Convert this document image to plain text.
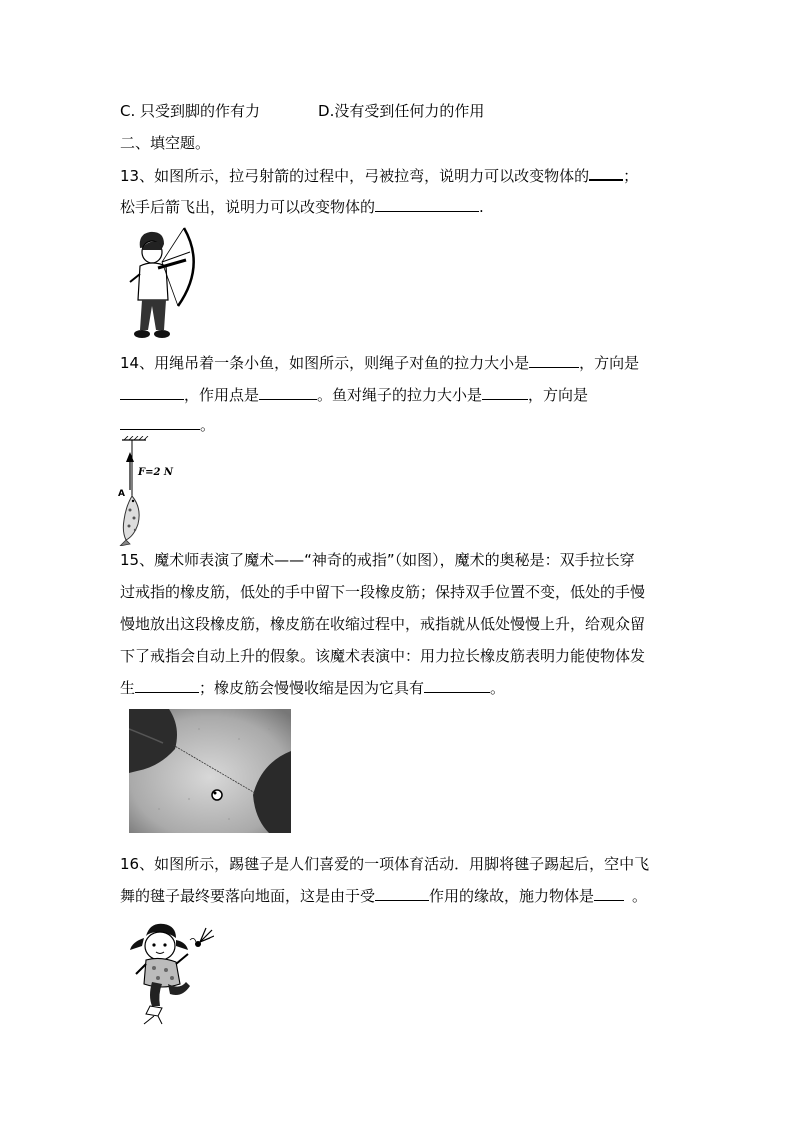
C. 只受到脚的作有力	D.没有受到任何力的作用
二、填空题。
13、如图所示，拉弓射箭的过程中，弓被拉弯，说明力可以改变物体的 ；
松手后箭飞出，说明力可以改变物体的	.
14、用绳吊着一条小鱼，如图所示，则绳子对鱼的拉力大小是	，方向是
，作用点是	。鱼对绳子的拉力大小是	，方向是
。
F=2 N
A
15、魔术师表演了魔术——“神奇的戒指”（如图），魔术的奥秘是：双手拉长穿
过戒指的橡皮筋，低处的手中留下一段橡皮筋；保持双手位置不变，低处的手慢
慢地放出这段橡皮筋，橡皮筋在收缩过程中，戒指就从低处慢慢上升，给观众留
下了戒指会自动上升的假象。该魔术表演中：用力拉长橡皮筋表明力能使物体发
生	；橡皮筋会慢慢收缩是因为它具有	。
16、如图所示，踢毽子是人们喜爱的一项体育活动．用脚将毽子踢起后，空中飞
舞的毽子最终要落向地面，这是由于受	作用的缘故，施力物体是	。
